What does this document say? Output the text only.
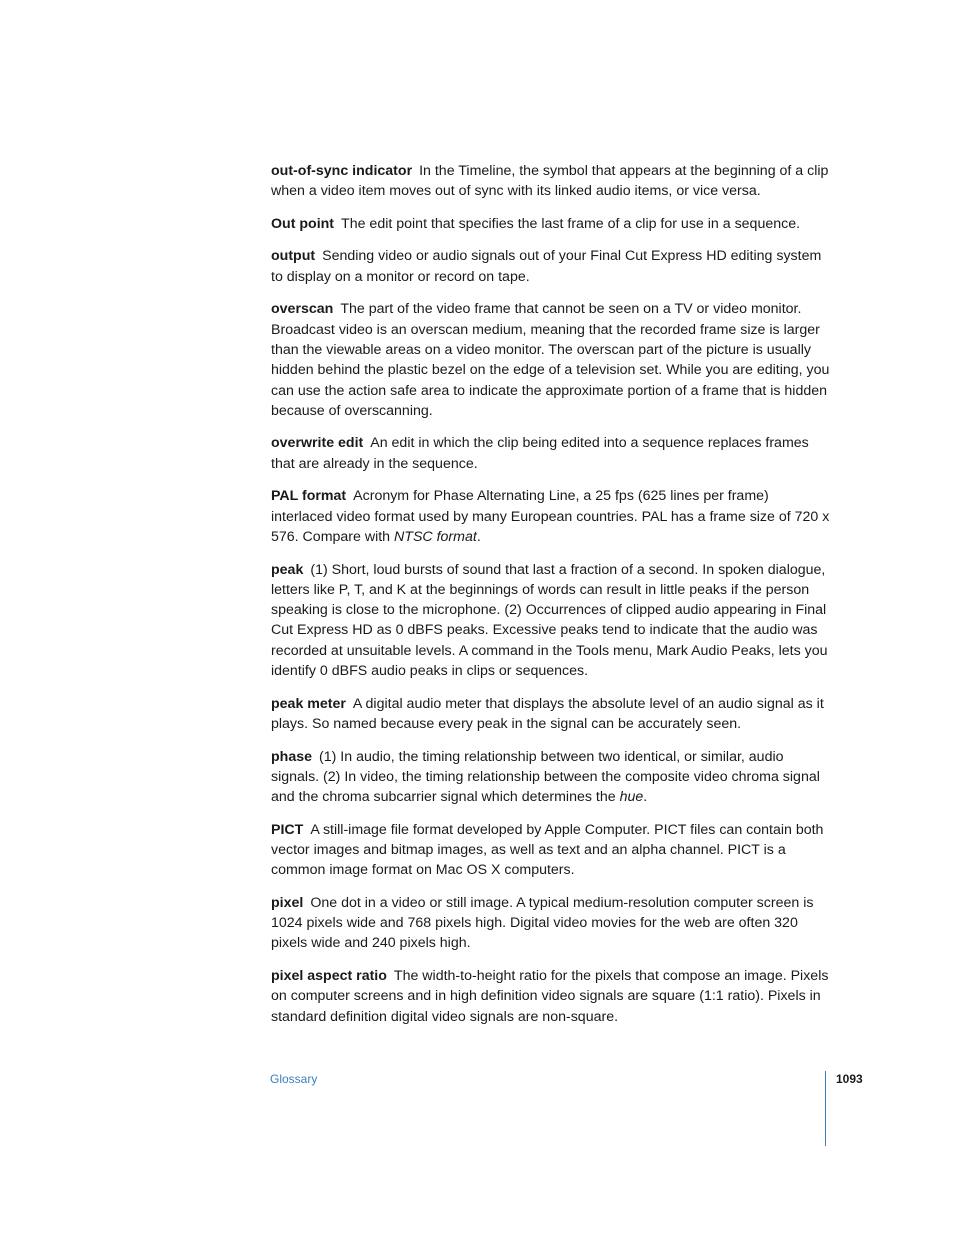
out-of-sync indicator In the Timeline, the symbol that appears at the beginning of a clip when a video item moves out of sync with its linked audio items, or vice versa.

Out point The edit point that specifies the last frame of a clip for use in a sequence.

output Sending video or audio signals out of your Final Cut Express HD editing system to display on a monitor or record on tape.

overscan The part of the video frame that cannot be seen on a TV or video monitor. Broadcast video is an overscan medium, meaning that the recorded frame size is larger than the viewable areas on a video monitor. The overscan part of the picture is usually hidden behind the plastic bezel on the edge of a television set. While you are editing, you can use the action safe area to indicate the approximate portion of a frame that is hidden because of overscanning.

overwrite edit An edit in which the clip being edited into a sequence replaces frames that are already in the sequence.

PAL format Acronym for Phase Alternating Line, a 25 fps (625 lines per frame) interlaced video format used by many European countries. PAL has a frame size of 720 x 576. Compare with NTSC format.

peak (1) Short, loud bursts of sound that last a fraction of a second. In spoken dialogue, letters like P, T, and K at the beginnings of words can result in little peaks if the person speaking is close to the microphone. (2) Occurrences of clipped audio appearing in Final Cut Express HD as 0 dBFS peaks. Excessive peaks tend to indicate that the audio was recorded at unsuitable levels. A command in the Tools menu, Mark Audio Peaks, lets you identify 0 dBFS audio peaks in clips or sequences.

peak meter A digital audio meter that displays the absolute level of an audio signal as it plays. So named because every peak in the signal can be accurately seen.

phase (1) In audio, the timing relationship between two identical, or similar, audio signals. (2) In video, the timing relationship between the composite video chroma signal and the chroma subcarrier signal which determines the hue.

PICT A still-image file format developed by Apple Computer. PICT files can contain both vector images and bitmap images, as well as text and an alpha channel. PICT is a common image format on Mac OS X computers.

pixel One dot in a video or still image. A typical medium-resolution computer screen is 1024 pixels wide and 768 pixels high. Digital video movies for the web are often 320 pixels wide and 240 pixels high.

pixel aspect ratio The width-to-height ratio for the pixels that compose an image. Pixels on computer screens and in high definition video signals are square (1:1 ratio). Pixels in standard definition digital video signals are non-square.

Glossary	1093
